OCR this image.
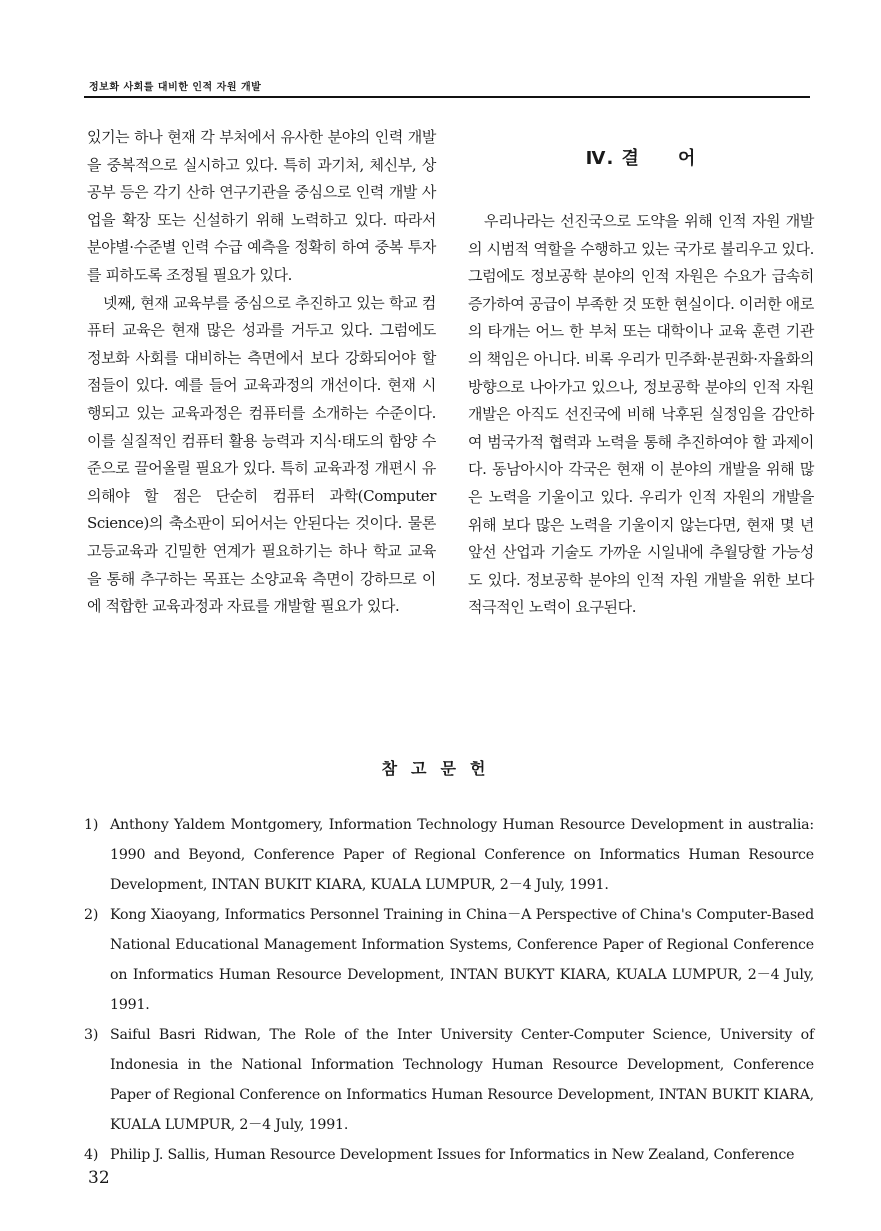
정보화 사회를 대비한 인적 자원 개발

있기는 하나 현재 각 부처에서 유사한 분야의 인력 개발을 중복적으로 실시하고 있다. 특히 과기처, 체신부, 상공부 등은 각기 산하 연구기관을 중심으로 인력 개발 사업을 확장 또는 신설하기 위해 노력하고 있다. 따라서 분야별·수준별 인력 수급 예측을 정확히 하여 중복 투자를 피하도록 조정될 필요가 있다.

넷째, 현재 교육부를 중심으로 추진하고 있는 학교 컴퓨터 교육은 현재 많은 성과를 거두고 있다. 그럼에도 정보화 사회를 대비하는 측면에서 보다 강화되어야 할 점들이 있다. 예를 들어 교육과정의 개선이다. 현재 시행되고 있는 교육과정은 컴퓨터를 소개하는 수준이다. 이를 실질적인 컴퓨터 활용 능력과 지식·태도의 함양 수준으로 끌어올릴 필요가 있다. 특히 교육과정 개편시 유의해야 할 점은 단순히 컴퓨터 과학(Computer Science)의 축소판이 되어서는 안된다는 것이다. 물론 고등교육과 긴밀한 연계가 필요하기는 하나 학교 교육을 통해 추구하는 목표는 소양교육 측면이 강하므로 이에 적합한 교육과정과 자료를 개발할 필요가 있다.

Ⅳ. 결　　어

우리나라는 선진국으로 도약을 위해 인적 자원 개발의 시범적 역할을 수행하고 있는 국가로 불리우고 있다. 그럼에도 정보공학 분야의 인적 자원은 수요가 급속히 증가하여 공급이 부족한 것 또한 현실이다. 이러한 애로의 타개는 어느 한 부처 또는 대학이나 교육 훈련 기관의 책임은 아니다. 비록 우리가 민주화·분권화·자율화의 방향으로 나아가고 있으나, 정보공학 분야의 인적 자원 개발은 아직도 선진국에 비해 낙후된 실정임을 감안하여 범국가적 협력과 노력을 통해 추진하여야 할 과제이다. 동남아시아 각국은 현재 이 분야의 개발을 위해 많은 노력을 기울이고 있다. 우리가 인적 자원의 개발을 위해 보다 많은 노력을 기울이지 않는다면, 현재 몇 년 앞선 산업과 기술도 가까운 시일내에 추월당할 가능성도 있다. 정보공학 분야의 인적 자원 개발을 위한 보다 적극적인 노력이 요구된다.

참고문헌

1) Anthony Yaldem Montgomery, Information Technology Human Resource Development in australia: 1990 and Beyond, Conference Paper of Regional Conference on Informatics Human Resource Development, INTAN BUKIT KIARA, KUALA LUMPUR, 2－4 July, 1991.

2) Kong Xiaoyang, Informatics Personnel Training in China－A Perspective of China's Computer-Based National Educational Management Information Systems, Conference Paper of Regional Conference on Informatics Human Resource Development, INTAN BUKYT KIARA, KUALA LUMPUR, 2－4 July, 1991.

3) Saiful Basri Ridwan, The Role of the Inter University Center-Computer Science, University of Indonesia in the National Information Technology Human Resource Development, Conference Paper of Regional Conference on Informatics Human Resource Development, INTAN BUKIT KIARA, KUALA LUMPUR, 2－4 July, 1991.

4) Philip J. Sallis, Human Resource Development Issues for Informatics in New Zealand, Conference

32
